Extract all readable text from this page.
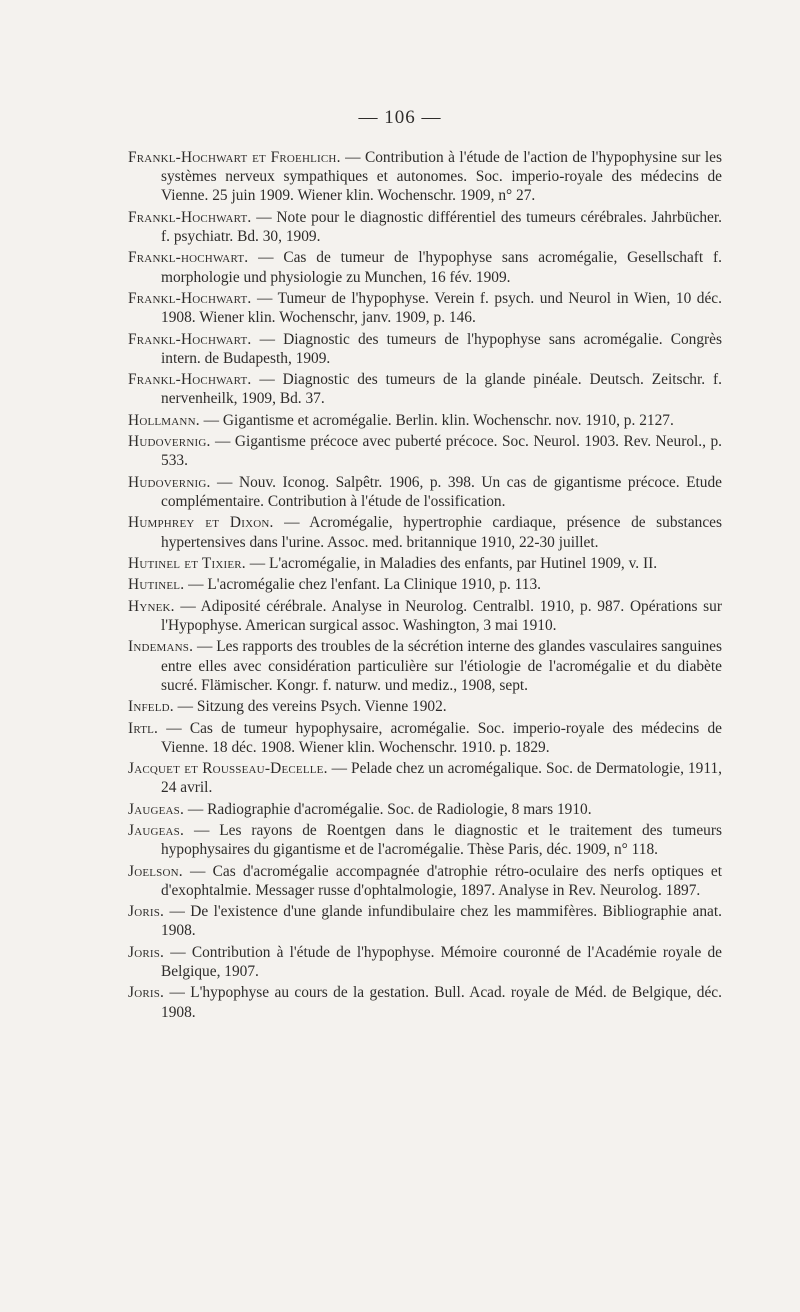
— 106 —

Frankl-Hochwart et Froehlich. — Contribution à l'étude de l'action de l'hypophysine sur les systèmes nerveux sympathiques et autonomes. Soc. imperio-royale des médecins de Vienne. 25 juin 1909. Wiener klin. Wochenschr. 1909, n° 27.

Frankl-Hochwart. — Note pour le diagnostic différentiel des tumeurs cérébrales. Jahrbücher. f. psychiatr. Bd. 30, 1909.

Frankl-hochwart. — Cas de tumeur de l'hypophyse sans acromégalie, Gesellschaft f. morphologie und physiologie zu Munchen, 16 fév. 1909.

Frankl-Hochwart. — Tumeur de l'hypophyse. Verein f. psych. und Neurol in Wien, 10 déc. 1908. Wiener klin. Wochenschr, janv. 1909, p. 146.

Frankl-Hochwart. — Diagnostic des tumeurs de l'hypophyse sans acromégalie. Congrès intern. de Budapesth, 1909.

Frankl-Hochwart. — Diagnostic des tumeurs de la glande pinéale. Deutsch. Zeitschr. f. nervenheilk, 1909, Bd. 37.

Hollmann. — Gigantisme et acromégalie. Berlin. klin. Wochenschr. nov. 1910, p. 2127.

Hudovernig. — Gigantisme précoce avec puberté précoce. Soc. Neurol. 1903. Rev. Neurol., p. 533.

Hudovernig. — Nouv. Iconog. Salpêtr. 1906, p. 398. Un cas de gigantisme précoce. Etude complémentaire. Contribution à l'étude de l'ossification.

Humphrey et Dixon. — Acromégalie, hypertrophie cardiaque, présence de substances hypertensives dans l'urine. Assoc. med. britannique 1910, 22-30 juillet.

Hutinel et Tixier. — L'acromégalie, in Maladies des enfants, par Hutinel 1909, v. II.

Hutinel. — L'acromégalie chez l'enfant. La Clinique 1910, p. 113.

Hynek. — Adiposité cérébrale. Analyse in Neurolog. Centralbl. 1910, p. 987. Opérations sur l'Hypophyse. American surgical assoc. Washington, 3 mai 1910.

Indemans. — Les rapports des troubles de la sécrétion interne des glandes vasculaires sanguines entre elles avec considération particulière sur l'étiologie de l'acromégalie et du diabète sucré. Flämischer. Kongr. f. naturw. und mediz., 1908, sept.

Infeld. — Sitzung des vereins Psych. Vienne 1902.

Irtl. — Cas de tumeur hypophysaire, acromégalie. Soc. imperio-royale des médecins de Vienne. 18 déc. 1908. Wiener klin. Wochenschr. 1910. p. 1829.

Jacquet et Rousseau-Decelle. — Pelade chez un acromégalique. Soc. de Dermatologie, 1911, 24 avril.

Jaugeas. — Radiographie d'acromégalie. Soc. de Radiologie, 8 mars 1910.

Jaugeas. — Les rayons de Roentgen dans le diagnostic et le traitement des tumeurs hypophysaires du gigantisme et de l'acromégalie. Thèse Paris, déc. 1909, n° 118.

Joelson. — Cas d'acromégalie accompagnée d'atrophie rétro-oculaire des nerfs optiques et d'exophtalmie. Messager russe d'ophtalmologie, 1897. Analyse in Rev. Neurolog. 1897.

Joris. — De l'existence d'une glande infundibulaire chez les mammifères. Bibliographie anat. 1908.

Joris. — Contribution à l'étude de l'hypophyse. Mémoire couronné de l'Académie royale de Belgique, 1907.

Joris. — L'hypophyse au cours de la gestation. Bull. Acad. royale de Méd. de Belgique, déc. 1908.
